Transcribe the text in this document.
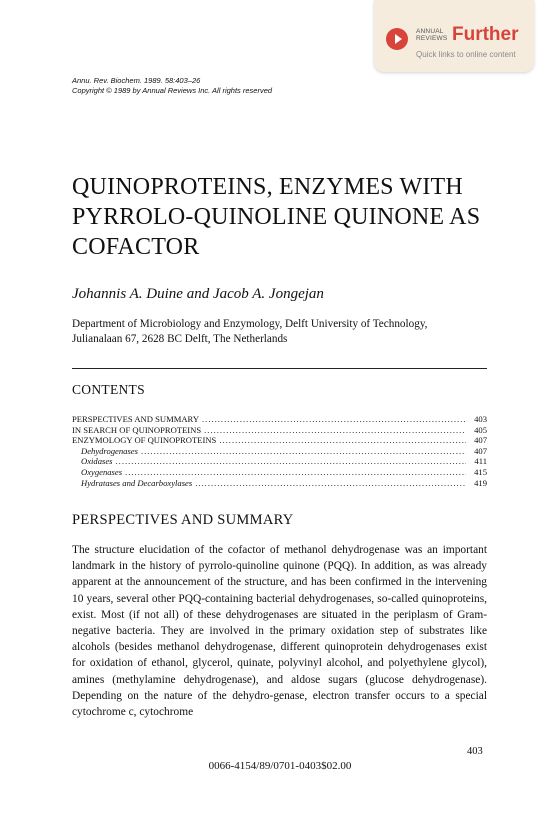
ANNUAL
REVIEWS Further
Quick links to online content
Annu. Rev. Biochem. 1989. 58:403–26
Copyright © 1989 by Annual Reviews Inc. All rights reserved
QUINOPROTEINS, ENZYMES WITH
PYRROLO-QUINOLINE QUINONE AS
COFACTOR
Johannis A. Duine and Jacob A. Jongejan
Department of Microbiology and Enzymology, Delft University of Technology,
Julianalaan 67, 2628 BC Delft, The Netherlands
CONTENTS
PERSPECTIVES AND SUMMARY .....	403
IN SEARCH OF QUINOPROTEINS .....	405
ENZYMOLOGY OF QUINOPROTEINS .....	407
Dehydrogenases .....	407
Oxidases .....	411
Oxygenases .....	415
Hydratases and Decarboxylases .....	419
PERSPECTIVES AND SUMMARY
The structure elucidation of the cofactor of methanol dehydrogenase was an important landmark in the history of pyrrolo-quinoline quinone (PQQ). In addition, as was already apparent at the announcement of the structure, and has been confirmed in the intervening 10 years, several other PQQ-containing bacterial dehydrogenases, so-called quinoproteins, exist. Most (if not all) of these dehydrogenases are situated in the periplasm of Gram-negative bacteria. They are involved in the primary oxidation step of substrates like alcohols (besides methanol dehydrogenase, different quinoprotein dehydrogenases exist for oxidation of ethanol, glycerol, quinate, polyvinyl alcohol, and polyethylene glycol), amines (methylamine dehydrogenase), and aldose sugars (glucose dehydrogenase). Depending on the nature of the dehydro-genase, electron transfer occurs to a special cytochrome c, cytochrome
403
0066-4154/89/0701-0403$02.00
